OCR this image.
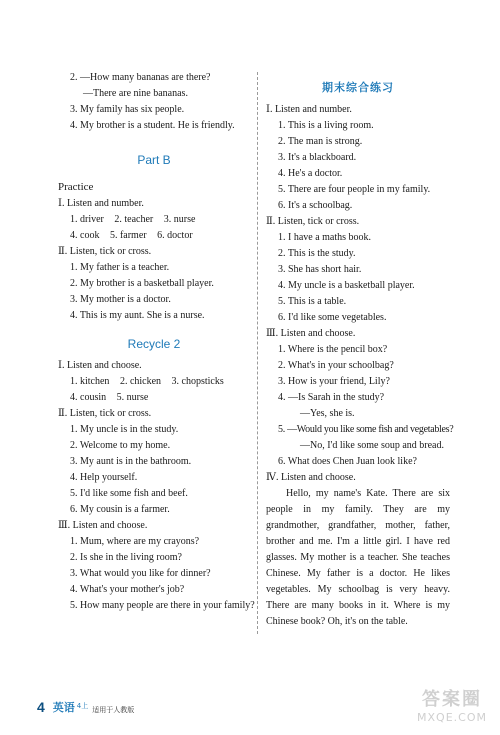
2. —How many bananas are there?
—There are nine bananas.
3. My family has six people.
4. My brother is a student. He is friendly.
Part B
Practice
Ⅰ. Listen and number.
1. driver 2. teacher 3. nurse
4. cook 5. farmer 6. doctor
Ⅱ. Listen, tick or cross.
1. My father is a teacher.
2. My brother is a basketball player.
3. My mother is a doctor.
4. This is my aunt. She is a nurse.
Recycle 2
Ⅰ. Listen and choose.
1. kitchen 2. chicken 3. chopsticks
4. cousin 5. nurse
Ⅱ. Listen, tick or cross.
1. My uncle is in the study.
2. Welcome to my home.
3. My aunt is in the bathroom.
4. Help yourself.
5. I'd like some fish and beef.
6. My cousin is a farmer.
Ⅲ. Listen and choose.
1. Mum, where are my crayons?
2. Is she in the living room?
3. What would you like for dinner?
4. What's your mother's job?
5. How many people are there in your family?
期末综合练习
Ⅰ. Listen and number.
1. This is a living room.
2. The man is strong.
3. It's a blackboard.
4. He's a doctor.
5. There are four people in my family.
6. It's a schoolbag.
Ⅱ. Listen, tick or cross.
1. I have a maths book.
2. This is the study.
3. She has short hair.
4. My uncle is a basketball player.
5. This is a table.
6. I'd like some vegetables.
Ⅲ. Listen and choose.
1. Where is the pencil box?
2. What's in your schoolbag?
3. How is your friend, Lily?
4. —Is Sarah in the study?
—Yes, she is.
5. —Would you like some fish and vegetables?
—No, I'd like some soup and bread.
6. What does Chen Juan look like?
Ⅳ. Listen and choose.
Hello, my name's Kate. There are six people in my family. They are my grandmother, grandfather, mother, father, brother and me. I'm a little girl. I have red glasses. My mother is a teacher. She teaches Chinese. My father is a doctor. He likes vegetables. My schoolbag is very heavy. There are many books in it. Where is my Chinese book? Oh, it's on the table.
4 英语 4上 适用于人教版	答案圈
MXQE.COM
